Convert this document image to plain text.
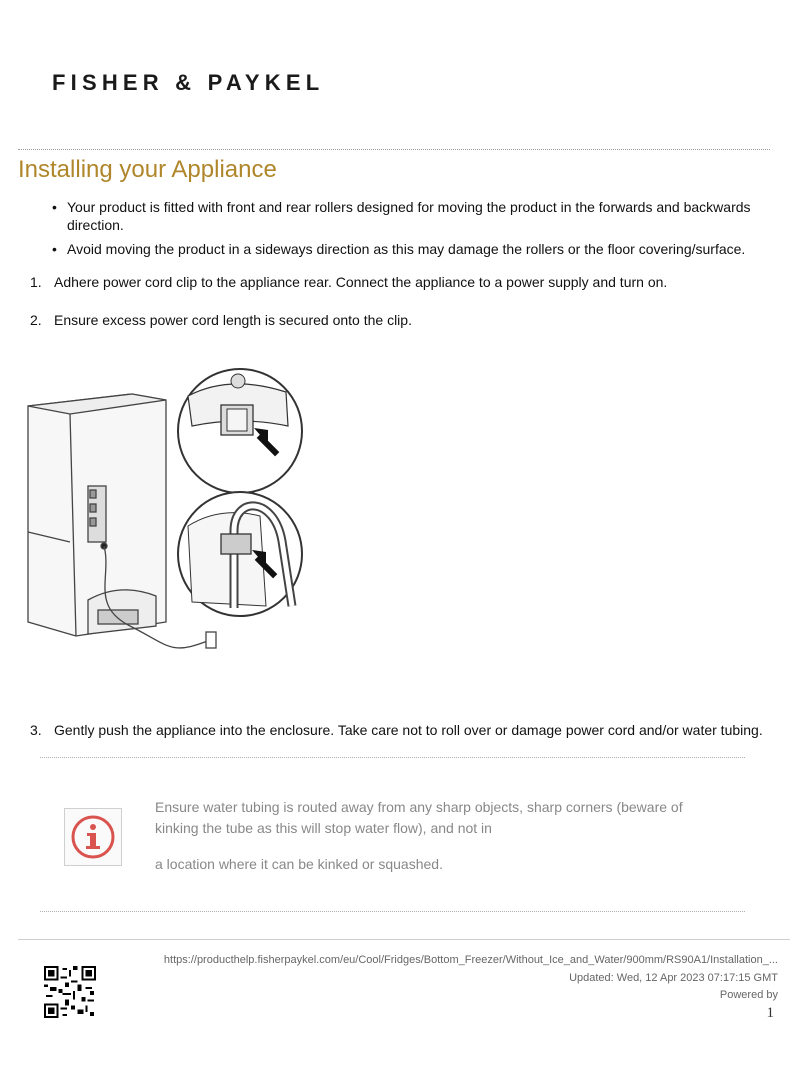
FISHER & PAYKEL
Installing your Appliance
• Your product is fitted with front and rear rollers designed for moving the product in the forwards and backwards direction.
• Avoid moving the product in a sideways direction as this may damage the rollers or the floor covering/surface.
1. Adhere power cord clip to the appliance rear. Connect the appliance to a power supply and turn on.
2. Ensure excess power cord length is secured onto the clip.
3. Gently push the appliance into the enclosure. Take care not to roll over or damage power cord and/or water tubing.
Ensure water tubing is routed away from any sharp objects, sharp corners (beware of
kinking the tube as this will stop water flow), and not in
a location where it can be kinked or squashed.
https://producthelp.fisherpaykel.com/eu/Cool/Fridges/Bottom_Freezer/Without_Ice_and_Water/900mm/RS90A1/Installation_...
Updated: Wed, 12 Apr 2023 07:17:15 GMT
Powered by
1
